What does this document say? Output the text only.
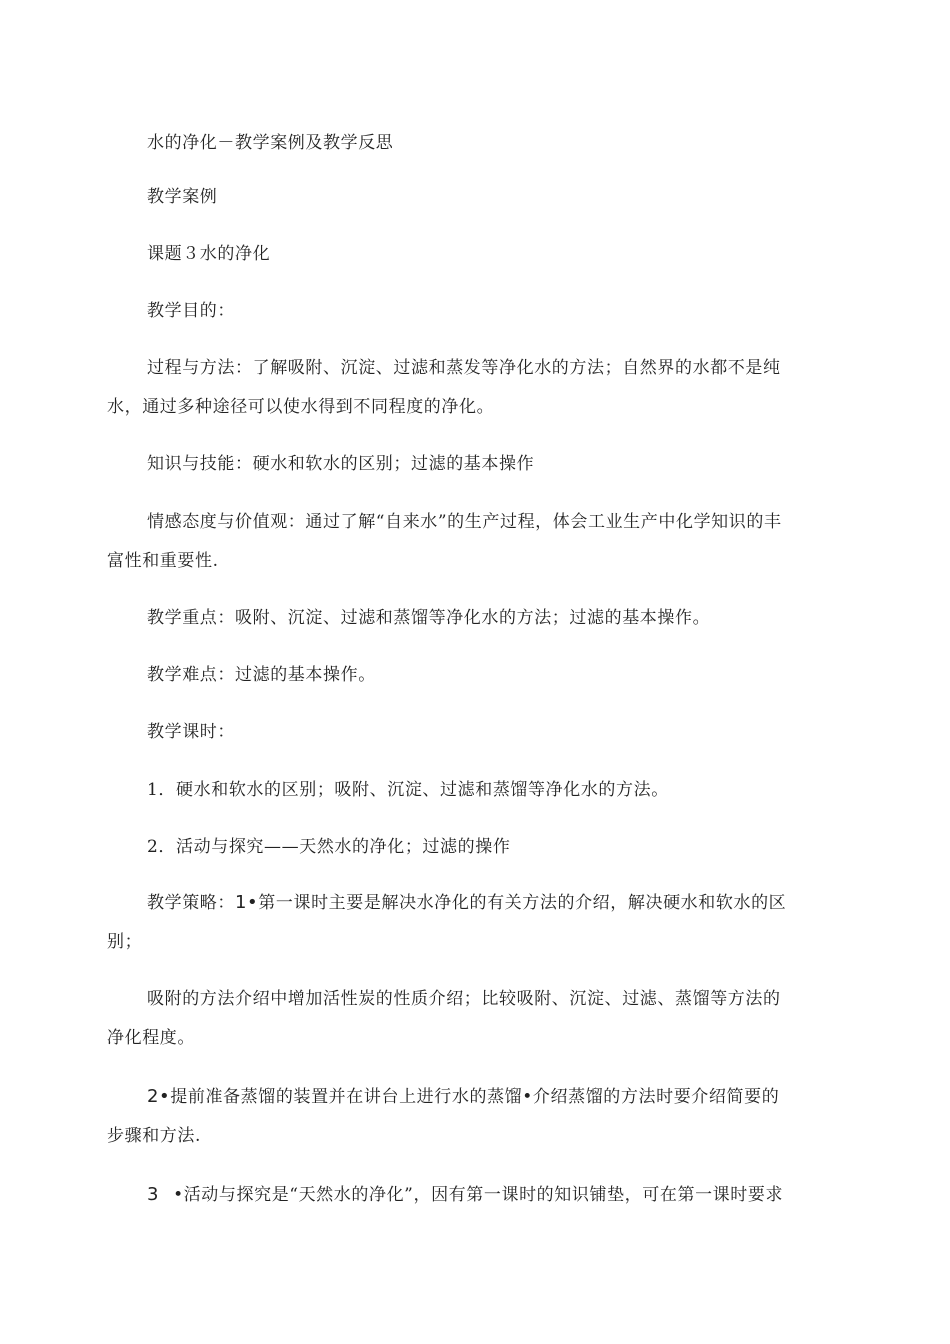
水的净化－教学案例及教学反思
教学案例
课题３水的净化
教学目的：
过程与方法：了解吸附、沉淀、过滤和蒸发等净化水的方法；自然界的水都不是纯
水，通过多种途径可以使水得到不同程度的净化。
知识与技能：硬水和软水的区别；过滤的基本操作
情感态度与价值观：通过了解“自来水”的生产过程，体会工业生产中化学知识的丰
富性和重要性.
教学重点：吸附、沉淀、过滤和蒸馏等净化水的方法；过滤的基本操作。
教学难点：过滤的基本操作。
教学课时：
1．硬水和软水的区别；吸附、沉淀、过滤和蒸馏等净化水的方法。
2．活动与探究——天然水的净化；过滤的操作
教学策略：1•第一课时主要是解决水净化的有关方法的介绍，解决硬水和软水的区
别；
吸附的方法介绍中增加活性炭的性质介绍；比较吸附、沉淀、过滤、蒸馏等方法的
净化程度。
2•提前准备蒸馏的装置并在讲台上进行水的蒸馏•介绍蒸馏的方法时要介绍简要的
步骤和方法.
3 •活动与探究是“天然水的净化”，因有第一课时的知识铺垫，可在第一课时要求
